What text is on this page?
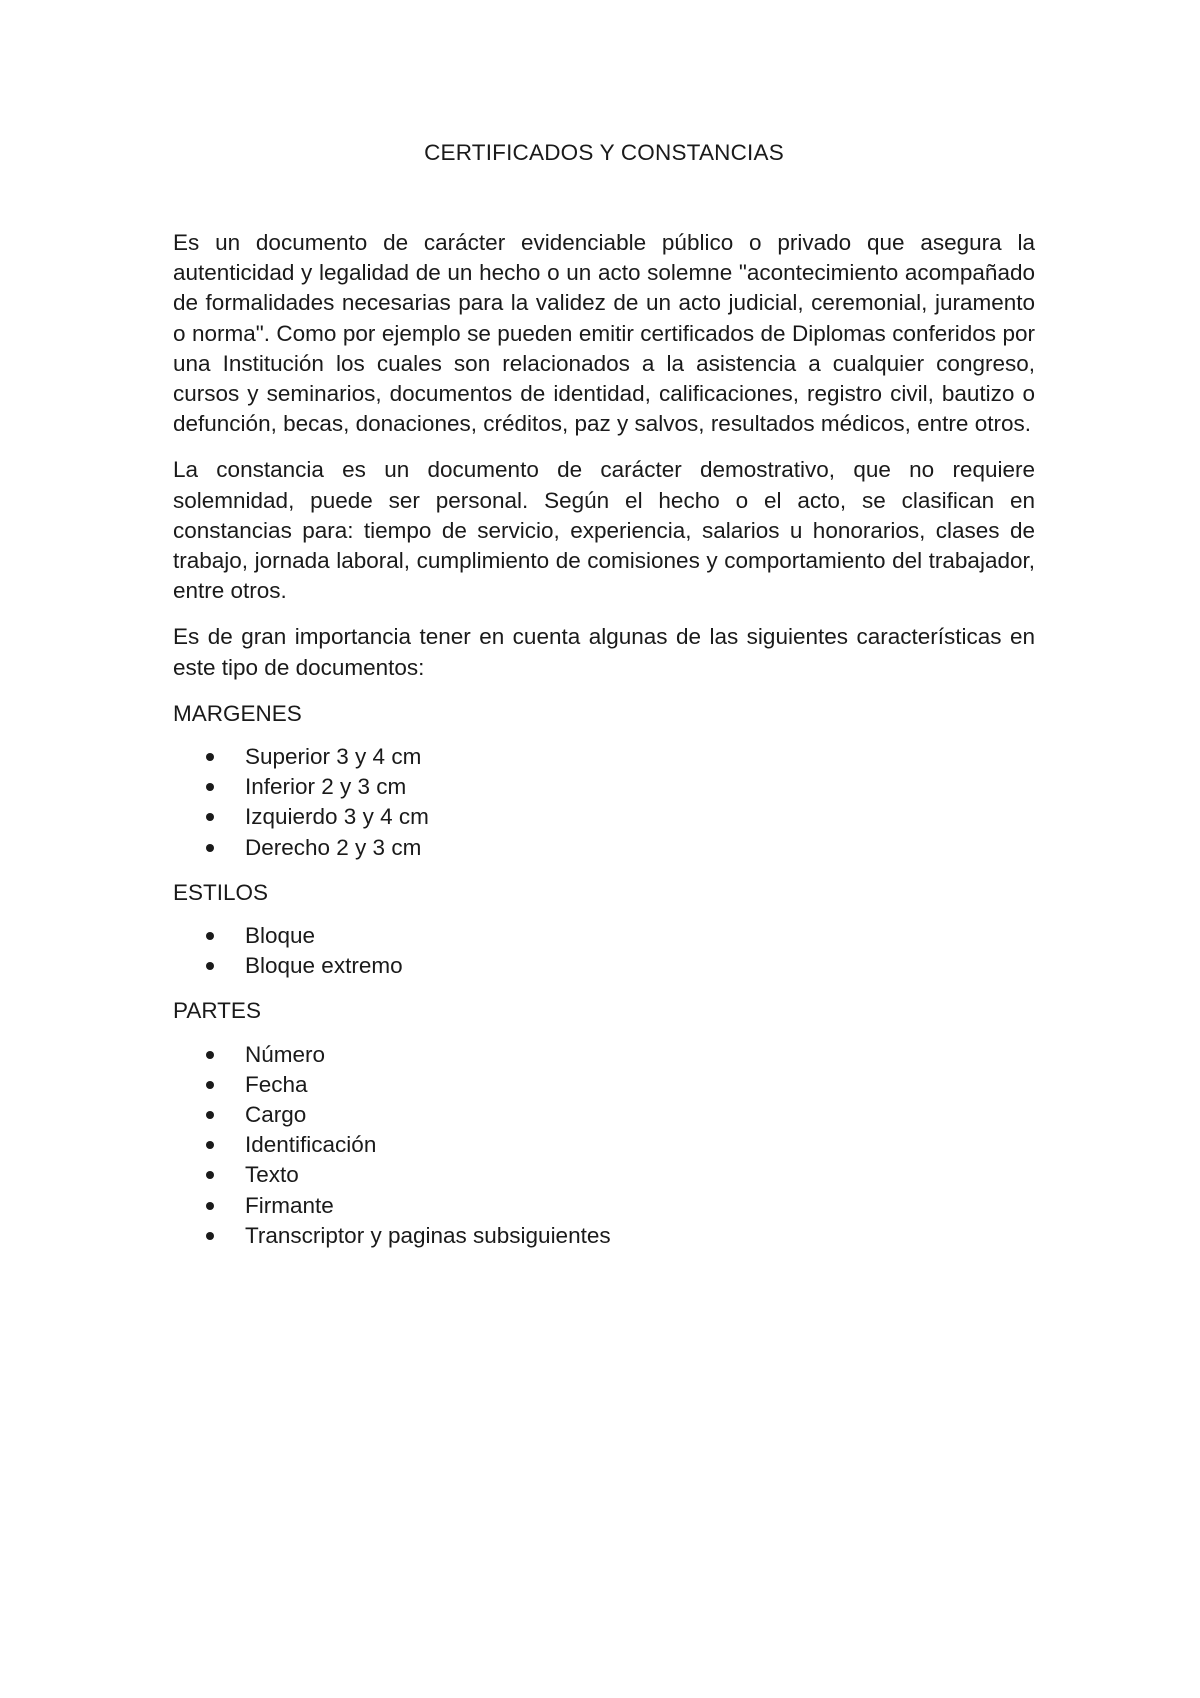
CERTIFICADOS Y CONSTANCIAS

Es un documento de carácter evidenciable público o privado que asegura la autenticidad y legalidad de un hecho o un acto solemne "acontecimiento acompañado de formalidades necesarias para la validez de un acto judicial, ceremonial, juramento o norma". Como por ejemplo se pueden emitir certificados de Diplomas conferidos por una Institución los cuales son relacionados a la asistencia a cualquier congreso, cursos y seminarios, documentos de identidad, calificaciones, registro civil, bautizo o defunción, becas, donaciones, créditos, paz y salvos, resultados médicos, entre otros.

La constancia es un documento de carácter demostrativo, que no requiere solemnidad, puede ser personal. Según el hecho o el acto, se clasifican en constancias para: tiempo de servicio, experiencia, salarios u honorarios, clases de trabajo, jornada laboral, cumplimiento de comisiones y comportamiento del trabajador, entre otros.

Es de gran importancia tener en cuenta algunas de las siguientes características en este tipo de documentos:

MARGENES
Superior 3 y 4 cm
Inferior 2 y 3 cm
Izquierdo 3 y 4 cm
Derecho 2 y 3 cm
ESTILOS
Bloque
Bloque extremo
PARTES
Número
Fecha
Cargo
Identificación
Texto
Firmante
Transcriptor y paginas subsiguientes
